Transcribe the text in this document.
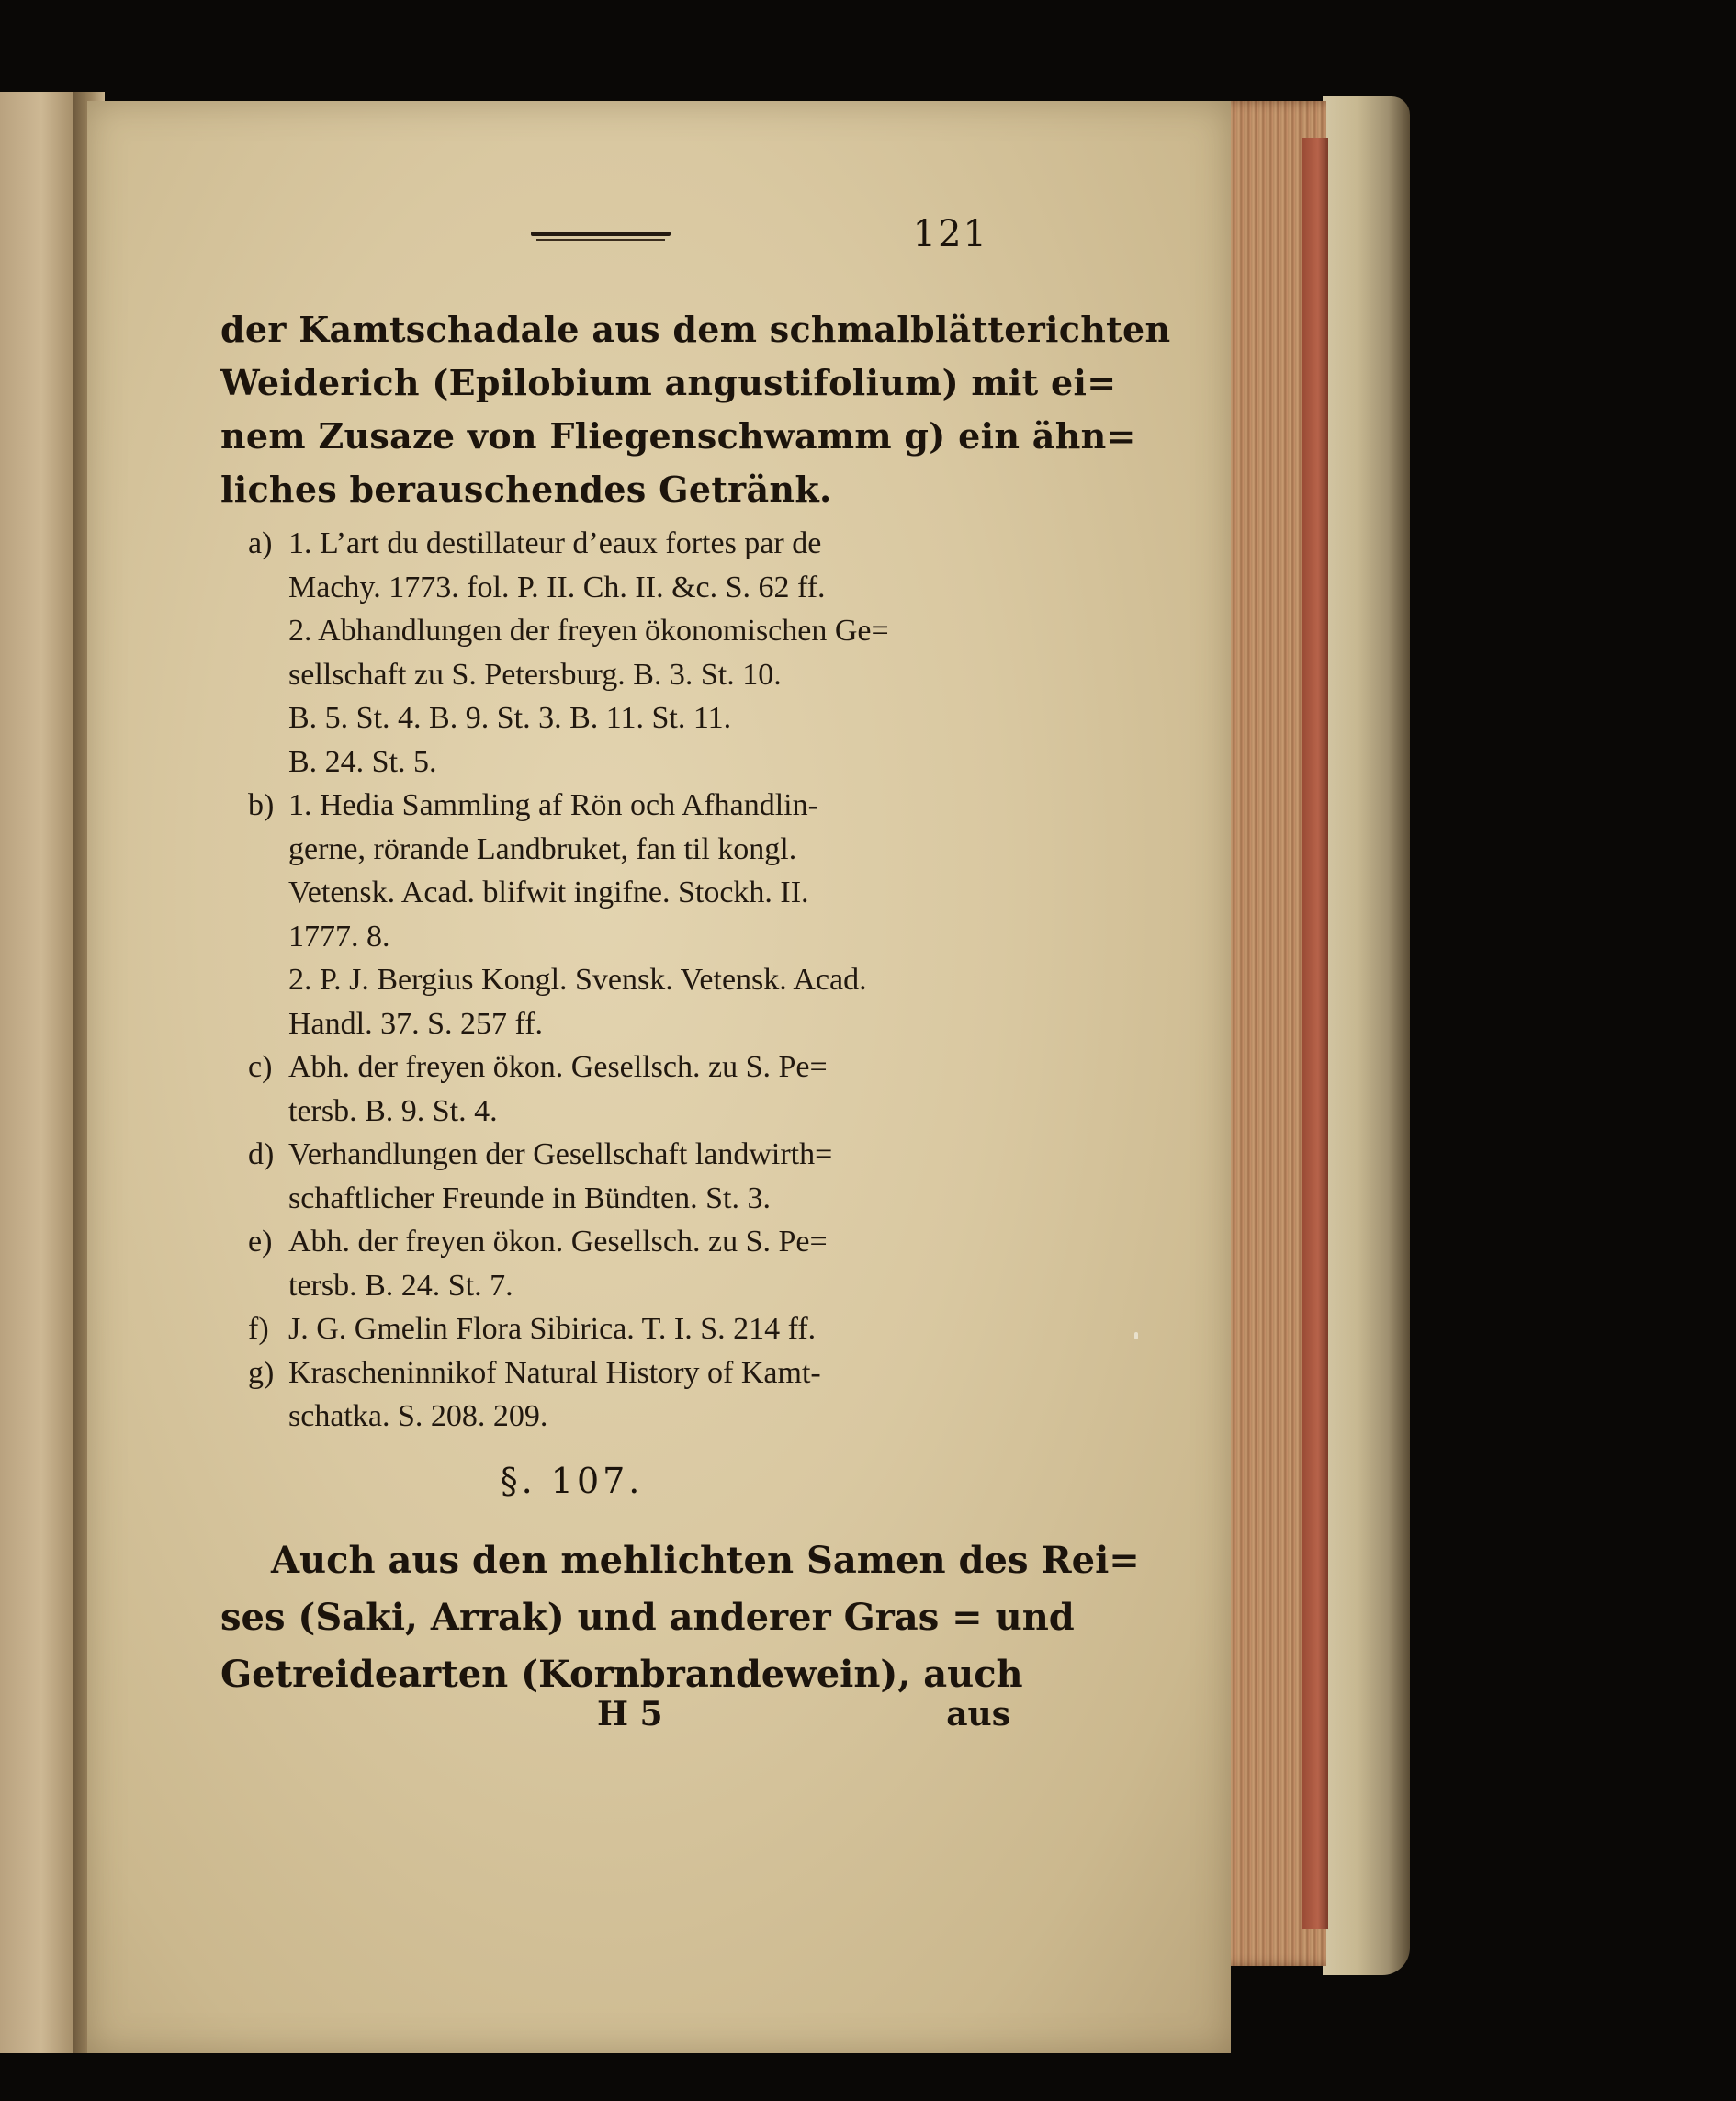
121
der Kamtschadale aus dem schmalblätterichten
Weiderich (Epilobium angustifolium) mit ei=
nem Zusaze von Fliegenschwamm g) ein ähn=
liches berauschendes Getränk.
a) 1. L’art du destillateur d’eaux fortes par de
Machy. 1773. fol. P. II. Ch. II. &c. S. 62 ff.
2. Abhandlungen der freyen ökonomischen Ge=
sellschaft zu S. Petersburg. B. 3. St. 10.
B. 5. St. 4. B. 9. St. 3. B. 11. St. 11.
B. 24. St. 5.
b) 1. Hedia Sammling af Rön och Afhandlin-
gerne, rörande Landbruket, fan til kongl.
Vetensk. Acad. blifwit ingifne. Stockh. II.
1777. 8.
2. P. J. Bergius Kongl. Svensk. Vetensk. Acad.
Handl. 37. S. 257 ff.
c) Abh. der freyen ökon. Gesellsch. zu S. Pe=
tersb. B. 9. St. 4.
d) Verhandlungen der Gesellschaft landwirth=
schaftlicher Freunde in Bündten. St. 3.
e) Abh. der freyen ökon. Gesellsch. zu S. Pe=
tersb. B. 24. St. 7.
f) J. G. Gmelin Flora Sibirica. T. I. S. 214 ff.
g) Krascheninnikof Natural History of Kamt-
schatka. S. 208. 209.
§. 107.
Auch aus den mehlichten Samen des Rei=
ses (Saki, Arrak) und anderer Gras = und
Getreidearten (Kornbrandewein), auch
H 5	aus
